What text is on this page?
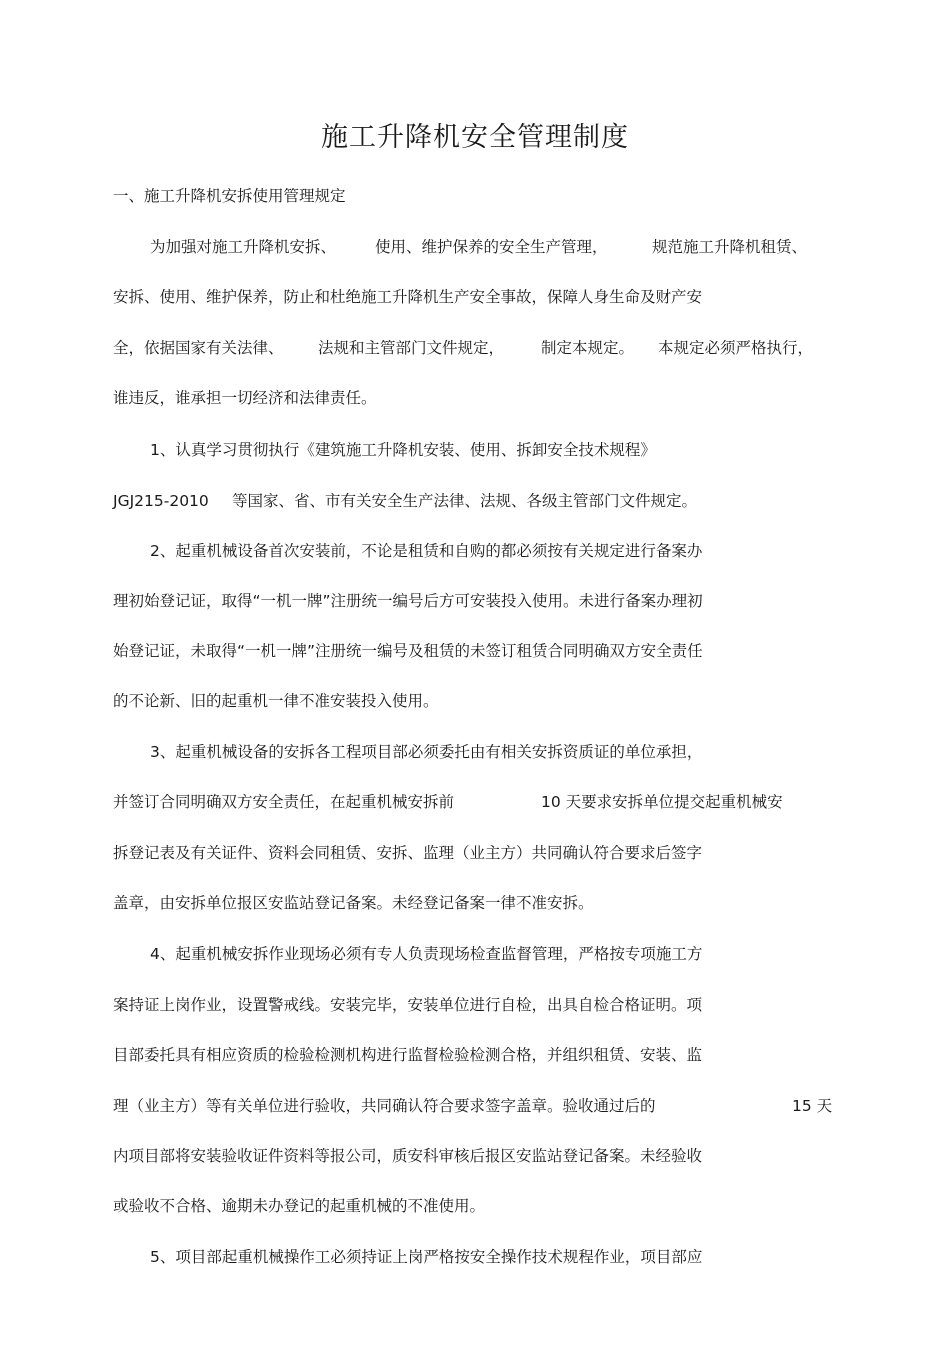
施工升降机安全管理制度
一、施工升降机安拆使用管理规定
为加强对施工升降机安拆、	使用、维护保养的安全生产管理，	规范施工升降机租赁、
安拆、使用、维护保养，防止和杜绝施工升降机生产安全事故，保障人身生命及财产安
全，依据国家有关法律、 法规和主管部门文件规定， 制定本规定。 本规定必须严格执行，
谁违反，谁承担一切经济和法律责任。
1、认真学习贯彻执行《建筑施工升降机安装、使用、拆卸安全技术规程》
JGJ215-2010 等国家、省、市有关安全生产法律、法规、各级主管部门文件规定。
2、起重机械设备首次安装前，不论是租赁和自购的都必须按有关规定进行备案办
理初始登记证，取得“一机一牌”注册统一编号后方可安装投入使用。未进行备案办理初
始登记证，未取得“一机一牌”注册统一编号及租赁的未签订租赁合同明确双方安全责任
的不论新、旧的起重机一律不准安装投入使用。
3、起重机械设备的安拆各工程项目部必须委托由有相关安拆资质证的单位承担，
并签订合同明确双方安全责任，在起重机械安拆前	10 天要求安拆单位提交起重机械安
拆登记表及有关证件、资料会同租赁、安拆、监理（业主方）共同确认符合要求后签字
盖章，由安拆单位报区安监站登记备案。未经登记备案一律不准安拆。
4、起重机械安拆作业现场必须有专人负责现场检查监督管理，严格按专项施工方
案持证上岗作业，设置警戒线。安装完毕，安装单位进行自检，出具自检合格证明。项
目部委托具有相应资质的检验检测机构进行监督检验检测合格，并组织租赁、安装、监
理（业主方）等有关单位进行验收，共同确认符合要求签字盖章。验收通过后的	15 天
内项目部将安装验收证件资料等报公司，质安科审核后报区安监站登记备案。未经验收
或验收不合格、逾期未办登记的起重机械的不准使用。
5、项目部起重机械操作工必须持证上岗严格按安全操作技术规程作业，项目部应
